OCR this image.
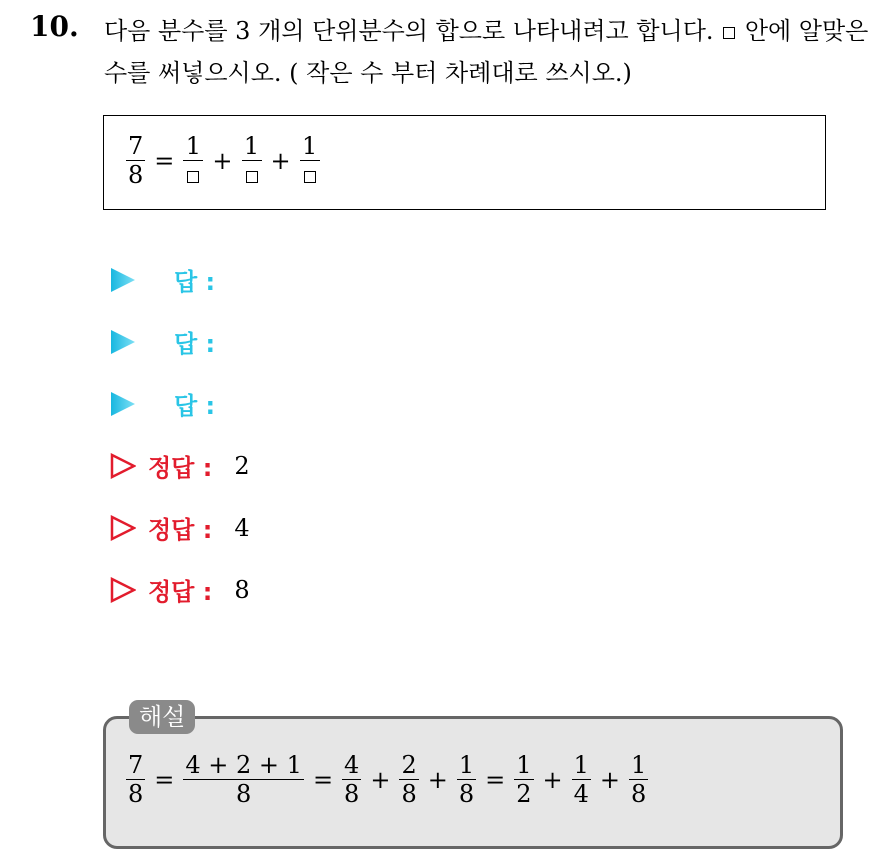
10. 다음 분수를 3 개의 단위분수의 합으로 나타내려고 합니다. 안에 알맞은 수를 써넣으시오. ( 작은 수 부터 차례대로 쓰시오.)
$\frac{7}{8}$ =
1
+
1
+
1
답 :
답 :
답 :
정답 : 2
정답 : 4
정답 : 8
해설
$\frac{7}{8} = \frac{4 + 2 + 1}{8} = \frac{4}{8} + \frac{2}{8} + \frac{1}{8} = \frac{1}{2} + \frac{1}{4} + \frac{1}{8}$
